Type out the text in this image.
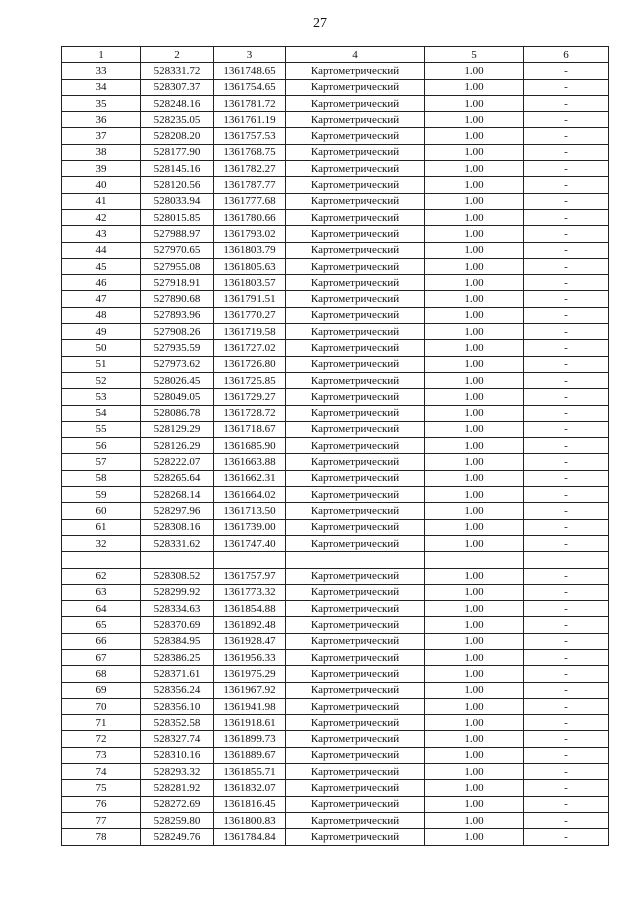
27
1	2	3	4	5	6
33	528331.72	1361748.65	Картометрический	1.00	-
34	528307.37	1361754.65	Картометрический	1.00	-
35	528248.16	1361781.72	Картометрический	1.00	-
36	528235.05	1361761.19	Картометрический	1.00	-
37	528208.20	1361757.53	Картометрический	1.00	-
38	528177.90	1361768.75	Картометрический	1.00	-
39	528145.16	1361782.27	Картометрический	1.00	-
40	528120.56	1361787.77	Картометрический	1.00	-
41	528033.94	1361777.68	Картометрический	1.00	-
42	528015.85	1361780.66	Картометрический	1.00	-
43	527988.97	1361793.02	Картометрический	1.00	-
44	527970.65	1361803.79	Картометрический	1.00	-
45	527955.08	1361805.63	Картометрический	1.00	-
46	527918.91	1361803.57	Картометрический	1.00	-
47	527890.68	1361791.51	Картометрический	1.00	-
48	527893.96	1361770.27	Картометрический	1.00	-
49	527908.26	1361719.58	Картометрический	1.00	-
50	527935.59	1361727.02	Картометрический	1.00	-
51	527973.62	1361726.80	Картометрический	1.00	-
52	528026.45	1361725.85	Картометрический	1.00	-
53	528049.05	1361729.27	Картометрический	1.00	-
54	528086.78	1361728.72	Картометрический	1.00	-
55	528129.29	1361718.67	Картометрический	1.00	-
56	528126.29	1361685.90	Картометрический	1.00	-
57	528222.07	1361663.88	Картометрический	1.00	-
58	528265.64	1361662.31	Картометрический	1.00	-
59	528268.14	1361664.02	Картометрический	1.00	-
60	528297.96	1361713.50	Картометрический	1.00	-
61	528308.16	1361739.00	Картометрический	1.00	-
32	528331.62	1361747.40	Картометрический	1.00	-

62	528308.52	1361757.97	Картометрический	1.00	-
63	528299.92	1361773.32	Картометрический	1.00	-
64	528334.63	1361854.88	Картометрический	1.00	-
65	528370.69	1361892.48	Картометрический	1.00	-
66	528384.95	1361928.47	Картометрический	1.00	-
67	528386.25	1361956.33	Картометрический	1.00	-
68	528371.61	1361975.29	Картометрический	1.00	-
69	528356.24	1361967.92	Картометрический	1.00	-
70	528356.10	1361941.98	Картометрический	1.00	-
71	528352.58	1361918.61	Картометрический	1.00	-
72	528327.74	1361899.73	Картометрический	1.00	-
73	528310.16	1361889.67	Картометрический	1.00	-
74	528293.32	1361855.71	Картометрический	1.00	-
75	528281.92	1361832.07	Картометрический	1.00	-
76	528272.69	1361816.45	Картометрический	1.00	-
77	528259.80	1361800.83	Картометрический	1.00	-
78	528249.76	1361784.84	Картометрический	1.00	-
